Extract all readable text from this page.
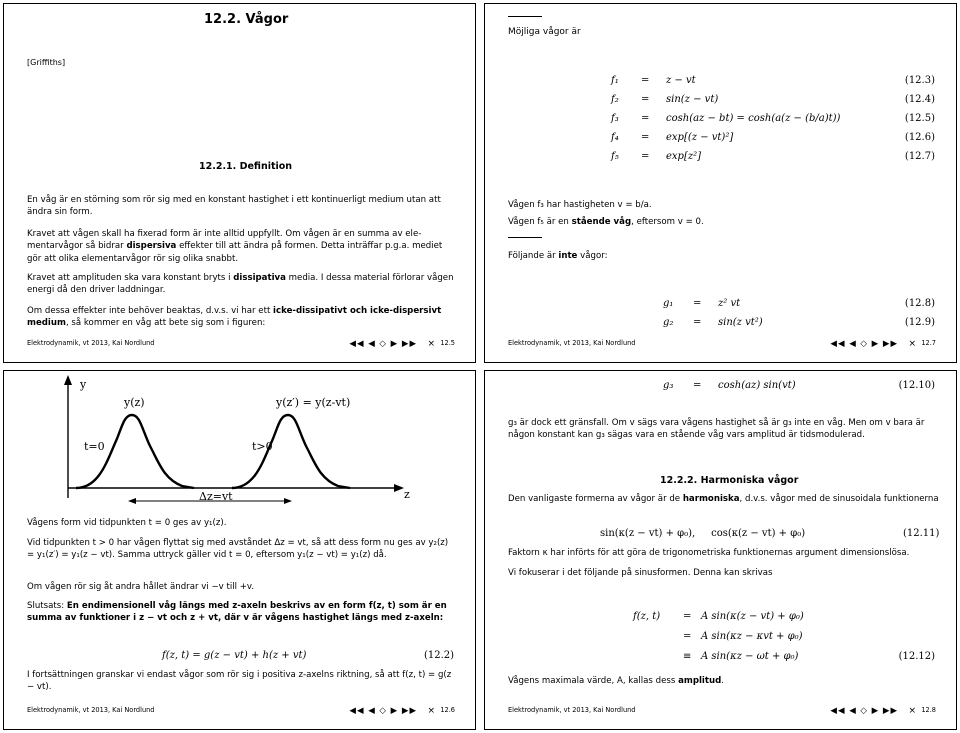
12.2. Vågor
[Griffiths]
12.2.1. Definition
En våg är en störning som rör sig med en konstant hastighet i ett kontinuerligt medium utan att ändra sin form.
Kravet att vågen skall ha fixerad form är inte alltid uppfyllt. Om vågen är en summa av elementarvågor så bidrar dispersiva effekter till att ändra på formen. Detta inträffar p.g.a. mediet gör att olika elementarvågor rör sig olika snabbt.
Kravet att amplituden ska vara konstant bryts i dissipativa media. I dessa material förlorar vågen energi då den driver laddningar.
Om dessa effekter inte behöver beaktas, d.v.s. vi har ett icke-dissipativt och icke-dispersivt medium, så kommer en våg att bete sig som i figuren:
Elektrodynamik, vt 2013, Kai Nordlund	◀◀ ◀ ◇ ▶ ▶▶ × 12.5
Möjliga vågor är
f₁ = z − vt	(12.3)
f₂ = sin(z − vt)	(12.4)
f₃ = cosh(az − bt) = cosh(a(z − (b/a)t))	(12.5)
f₄ = exp[(z − vt)²]	(12.6)
f₅ = exp[z²]	(12.7)
Vågen f₃ har hastigheten v = b/a.
Vågen f₅ är en stående våg, eftersom v = 0.
Följande är inte vågor:
g₁ = z² vt	(12.8)
g₂ = sin(z vt²)	(12.9)
Elektrodynamik, vt 2013, Kai Nordlund	◀◀ ◀ ◇ ▶ ▶▶ × 12.7
y
y(z)	y(z′) = y(z-vt)
t=0	t>0
Δz=vt	z
Vågens form vid tidpunkten t = 0 ges av y₁(z).
Vid tidpunkten t > 0 har vågen flyttat sig med avståndet Δz = vt, så att dess form nu ges av y₂(z) = y₁(z′) = y₁(z − vt). Samma uttryck gäller vid t = 0, eftersom y₁(z − vt) = y₁(z) då.
Om vågen rör sig åt andra hållet ändrar vi −v till +v.
Slutsats: En endimensionell våg längs med z-axeln beskrivs av en form f(z, t) som är en summa av funktioner i z − vt och z + vt, där v är vågens hastighet längs med z-axeln:
f(z, t) = g(z − vt) + h(z + vt)	(12.2)
I fortsättningen granskar vi endast vågor som rör sig i positiva z-axelns riktning, så att f(z, t) = g(z − vt).
Elektrodynamik, vt 2013, Kai Nordlund	◀◀ ◀ ◇ ▶ ▶▶ × 12.6
g₃ = cosh(az) sin(vt)	(12.10)
g₃ är dock ett gränsfall. Om v sägs vara vågens hastighet så är g₃ inte en våg. Men om v bara är någon konstant kan g₃ sägas vara en stående våg vars amplitud är tidsmodulerad.
12.2.2. Harmoniska vågor
Den vanligaste formerna av vågor är de harmoniska, d.v.s. vågor med de sinusoidala funktionerna
sin(κ(z − vt) + φ₀),     cos(κ(z − vt) + φ₀)	(12.11)
Faktorn κ har införts för att göra de trigonometriska funktionernas argument dimensionslösa.
Vi fokuserar i det följande på sinusformen. Denna kan skrivas
f(z, t) = A sin(κ(z − vt) + φ₀)
= A sin(κz − κvt + φ₀)
≡ A sin(κz − ωt + φ₀)	(12.12)
Vågens maximala värde, A, kallas dess amplitud.
Elektrodynamik, vt 2013, Kai Nordlund	◀◀ ◀ ◇ ▶ ▶▶ × 12.8
